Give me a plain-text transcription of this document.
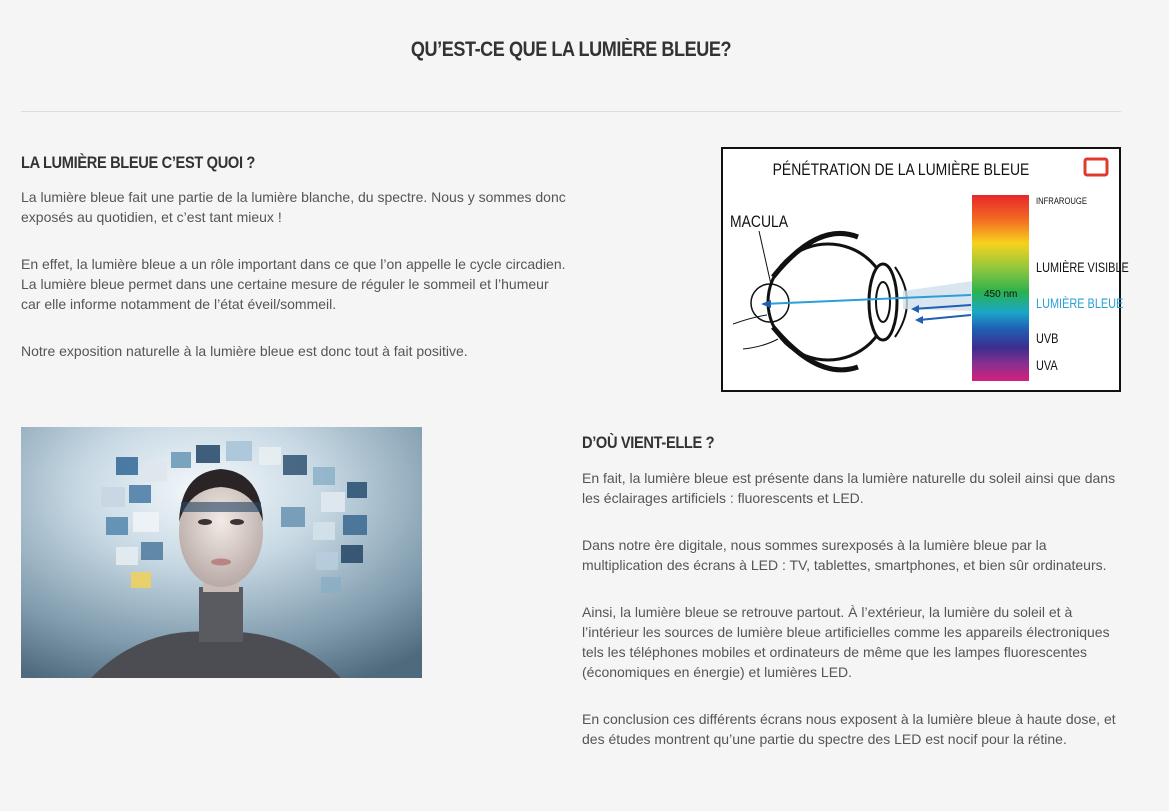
QU’EST-CE QUE LA LUMIÈRE BLEUE?
LA LUMIÈRE BLEUE C’EST QUOI ?

La lumière bleue fait une partie de la lumière blanche, du spectre. Nous y sommes donc exposés au quotidien, et c’est tant mieux !

En effet, la lumière bleue a un rôle important dans ce que l’on appelle le cycle circadien. La lumière bleue permet dans une certaine mesure de réguler le sommeil et l’humeur car elle informe notamment de l’état éveil/sommeil.

Notre exposition naturelle à la lumière bleue est donc tout à fait positive.

PÉNÉTRATION DE LA LUMIÈRE BLEUE
MACULA
INFRAROUGE
LUMIÈRE VISIBLE
450 nm
LUMIÈRE BLEUE
UVB
UVA
D’OÙ VIENT-ELLE ?

En fait, la lumière bleue est présente dans la lumière naturelle du soleil ainsi que dans les éclairages artificiels : fluorescents et LED.

Dans notre ère digitale, nous sommes surexposés à la lumière bleue par la multiplication des écrans à LED : TV, tablettes, smartphones, et bien sûr ordinateurs.

Ainsi, la lumière bleue se retrouve partout. À l’extérieur, la lumière du soleil et à l’intérieur les sources de lumière bleue artificielles comme les appareils électroniques tels les téléphones mobiles et ordinateurs de même que les lampes fluorescentes (économiques en énergie) et lumières LED.

En conclusion ces différents écrans nous exposent à la lumière bleue à haute dose, et des études montrent qu’une partie du spectre des LED est nocif pour la rétine.
